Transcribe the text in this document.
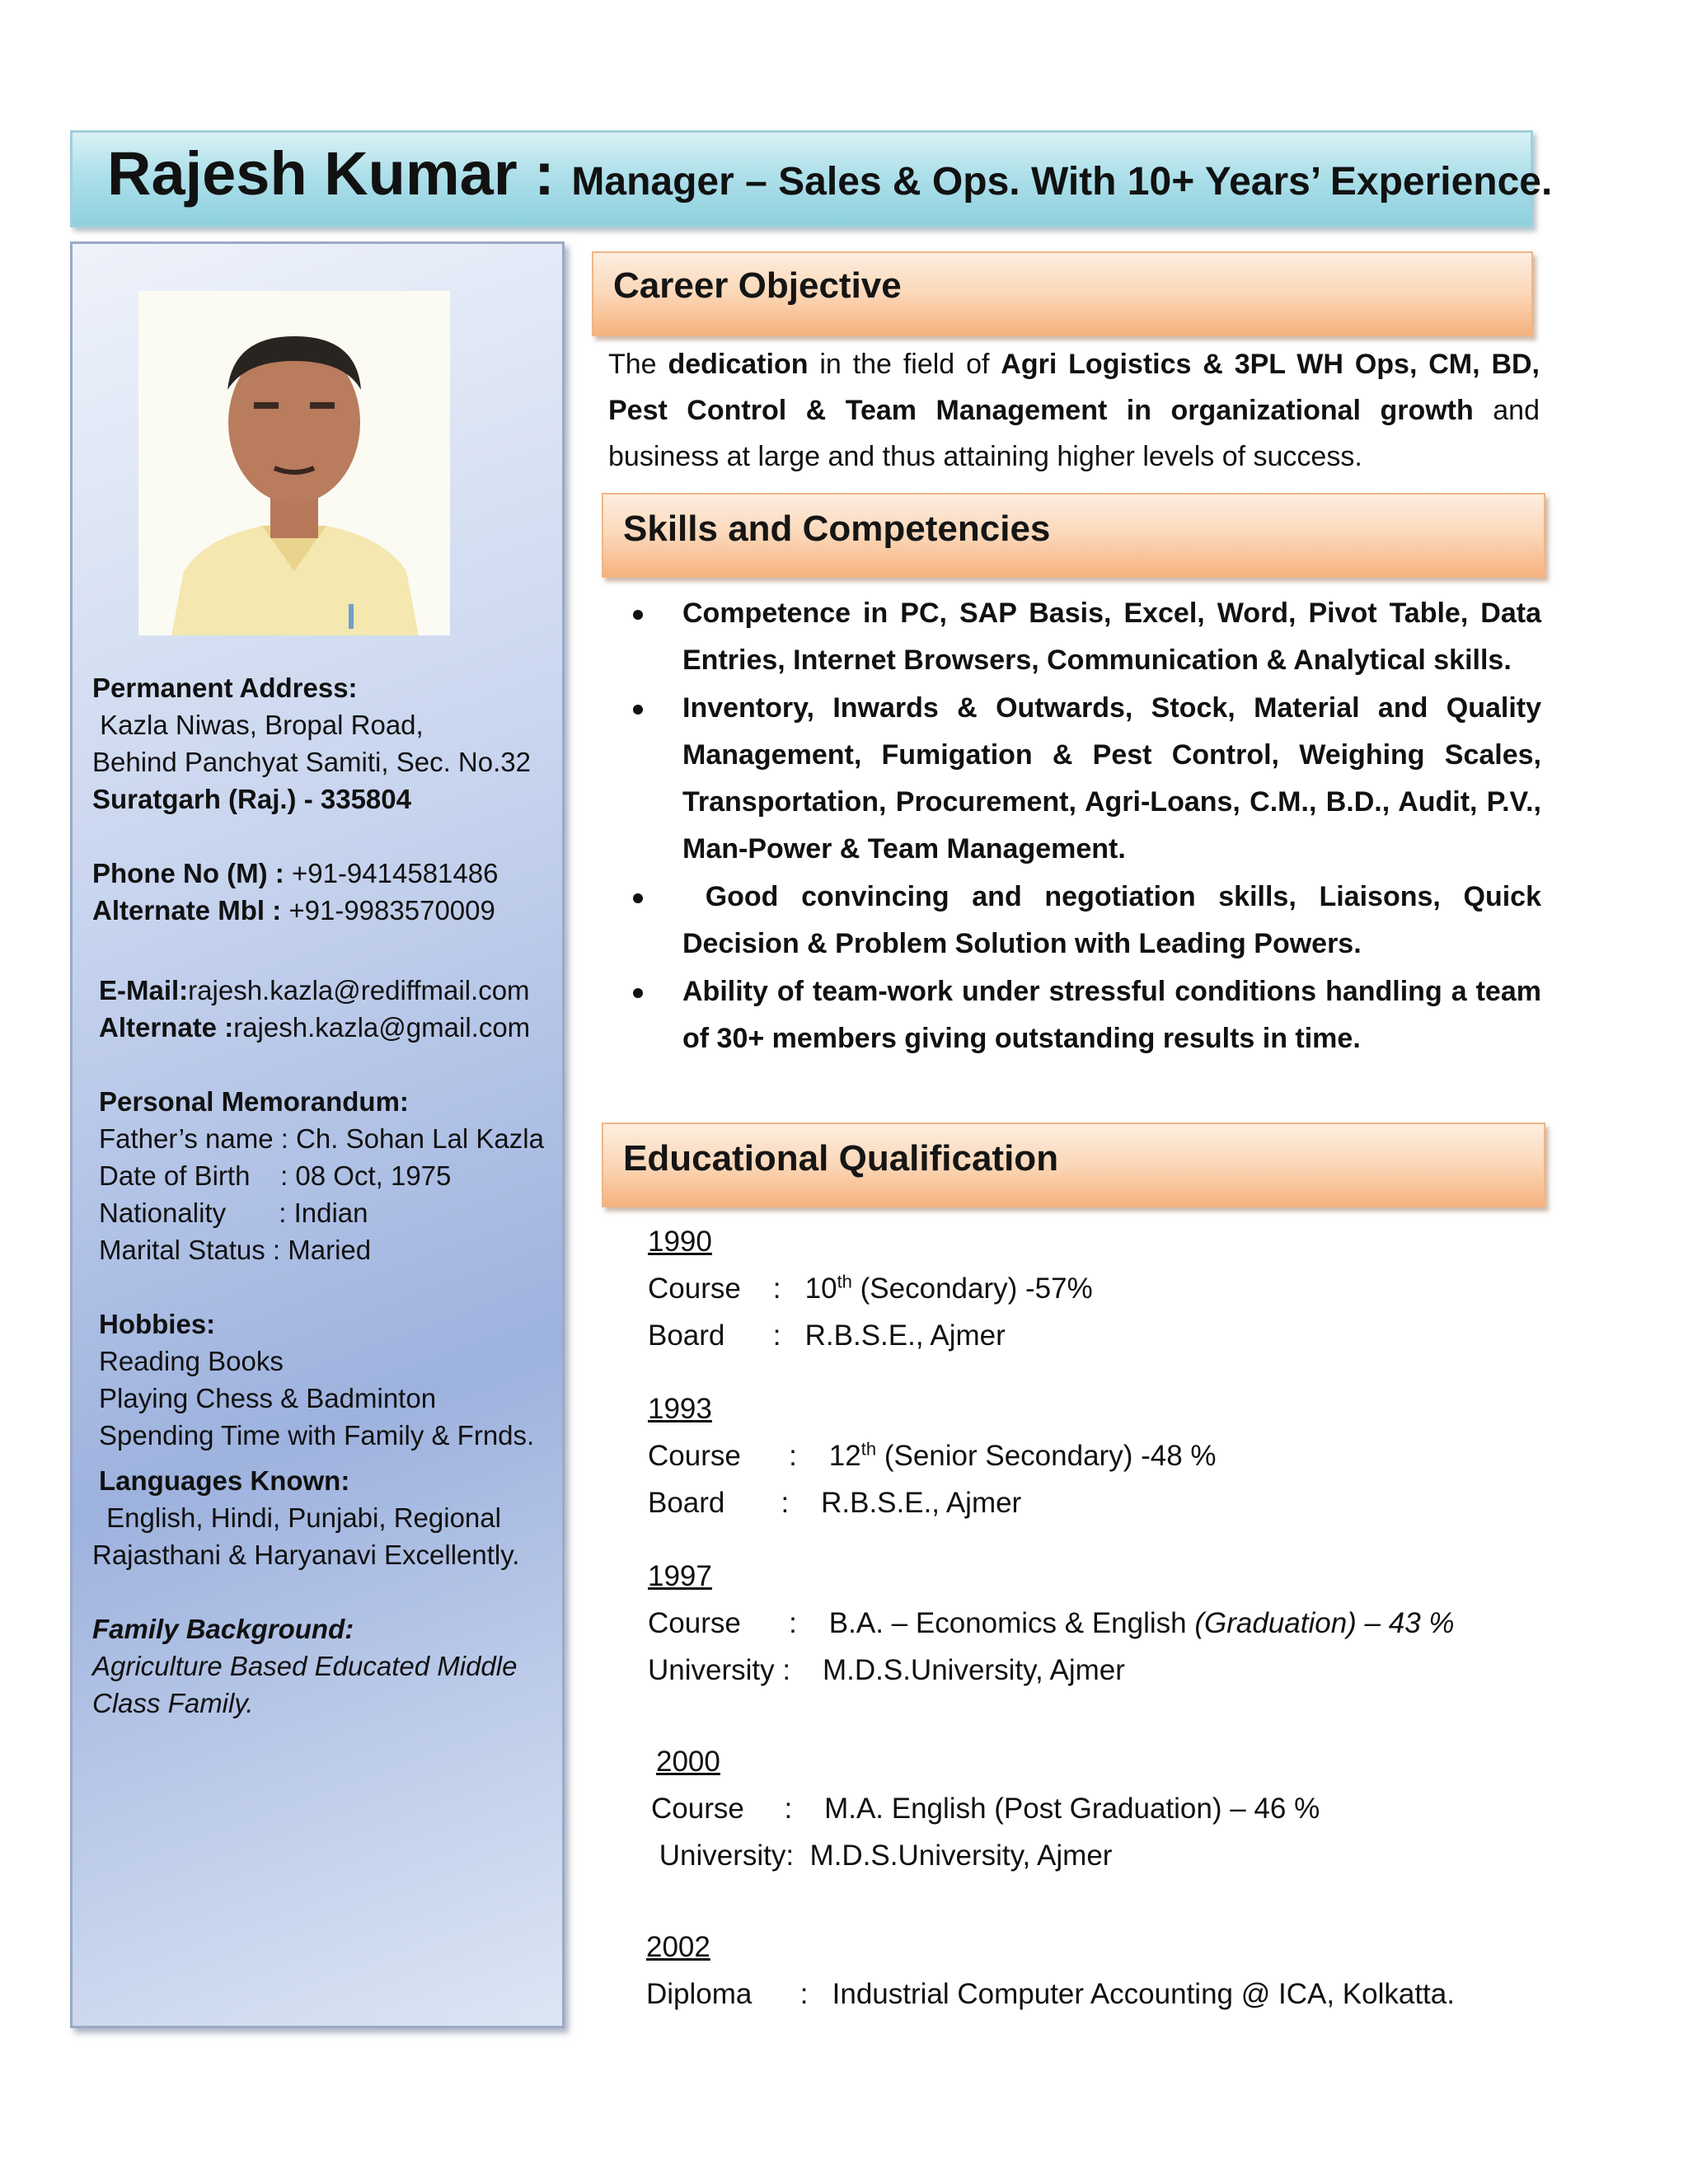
Rajesh Kumar : Manager – Sales & Ops. With 10+ Years’ Experience.
Permanent Address:
Kazla Niwas, Bropal Road,
Behind Panchyat Samiti, Sec. No.32
Suratgarh (Raj.) - 335804
Phone No (M) : +91-9414581486
Alternate Mbl : +91-9983570009
E-Mail:rajesh.kazla@rediffmail.com
Alternate :rajesh.kazla@gmail.com
Personal Memorandum:
Father’s name : Ch. Sohan Lal Kazla
Date of Birth    : 08 Oct, 1975
Nationality       : Indian
Marital Status : Maried
Hobbies:
Reading Books
Playing Chess & Badminton
Spending Time with Family & Frnds.
Languages Known:
English, Hindi, Punjabi, Regional
Rajasthani & Haryanavi Excellently.
Family Background:
Agriculture Based Educated Middle
Class Family.
Career Objective
The dedication in the field of Agri Logistics & 3PL WH Ops, CM, BD, Pest Control & Team Management in organizational growth and business at large and thus attaining higher levels of success.
Skills and Competencies
Competence in PC, SAP Basis, Excel, Word, Pivot Table, Data Entries, Internet Browsers, Communication & Analytical skills.
Inventory, Inwards & Outwards, Stock, Material and Quality Management, Fumigation & Pest Control, Weighing Scales, Transportation, Procurement, Agri-Loans, C.M., B.D., Audit, P.V., Man-Power & Team Management.
Good convincing and negotiation skills, Liaisons, Quick Decision & Problem Solution with Leading Powers.
Ability of team-work under stressful conditions handling a team of 30+ members giving outstanding results in time.
Educational Qualification
1990
Course    :   10th (Secondary) -57%
Board      :   R.B.S.E., Ajmer
1993
Course      :    12th (Senior Secondary) -48 %
Board       :    R.B.S.E., Ajmer
1997
Course      :    B.A. – Economics & English (Graduation) – 43 %
University :    M.D.S.University, Ajmer
2000
Course     :    M.A. English (Post Graduation) – 46 %
University:  M.D.S.University, Ajmer
2002
Diploma      :   Industrial Computer Accounting @ ICA, Kolkatta.
